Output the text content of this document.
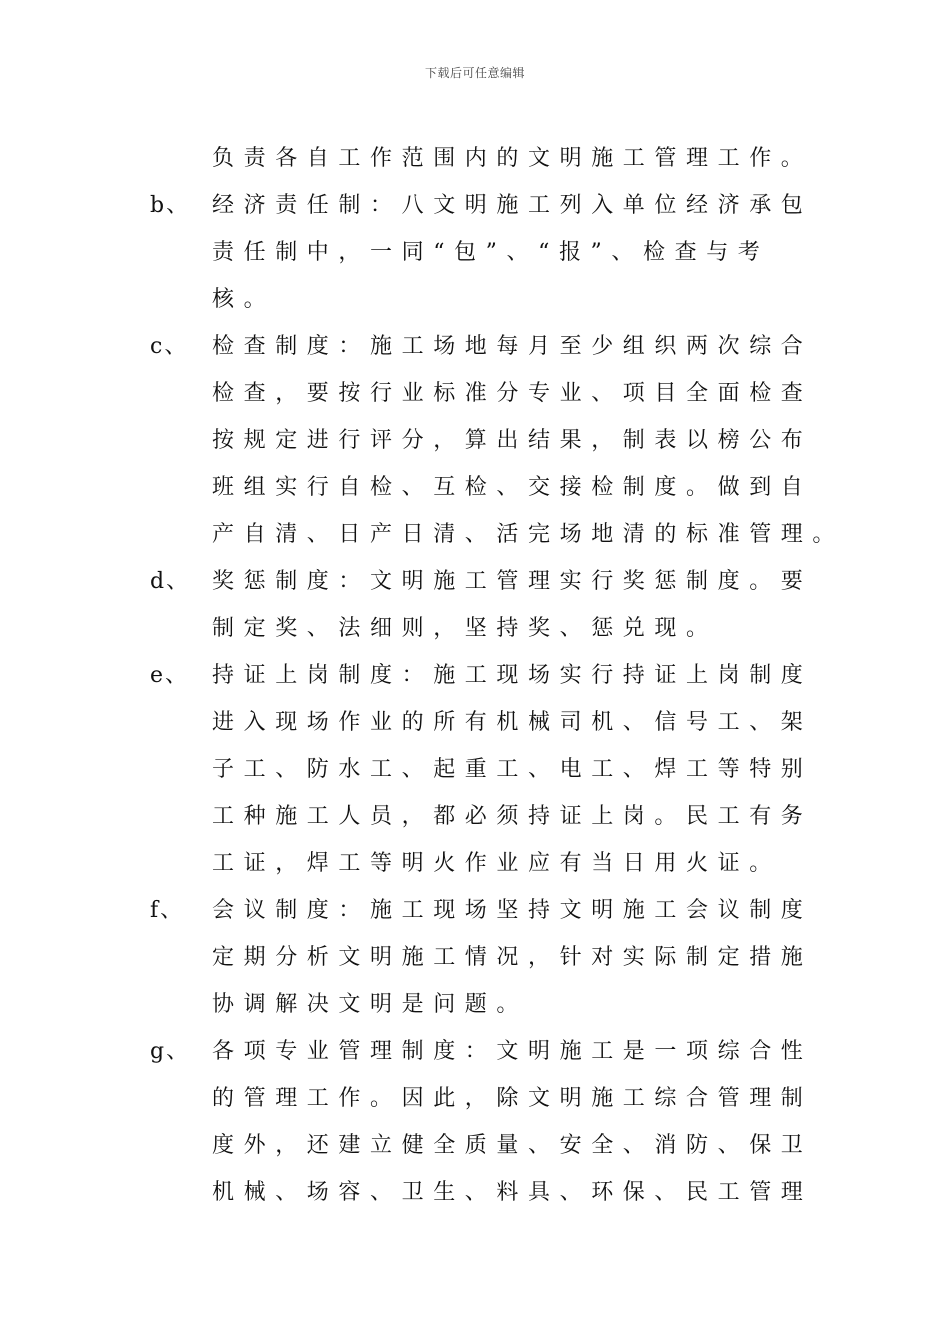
下载后可任意编辑
负责各自工作范围内的文明施工管理工作。
b、 经济责任制：八文明施工列入单位经济承包
责任制中，一同“包”、“报”、检查与考
核。
c、 检查制度：施工场地每月至少组织两次综合
检查，要按行业标准分专业、项目全面检查
按规定进行评分，算出结果，制表以榜公布
班组实行自检、互检、交接检制度。做到自
产自清、日产日清、活完场地清的标准管理。
d、 奖惩制度：文明施工管理实行奖惩制度。要
制定奖、法细则，坚持奖、惩兑现。
e、 持证上岗制度：施工现场实行持证上岗制度
进入现场作业的所有机械司机、信号工、架
子工、防水工、起重工、电工、焊工等特别
工种施工人员，都必须持证上岗。民工有务
工证，焊工等明火作业应有当日用火证。
f、 会议制度：施工现场坚持文明施工会议制度
定期分析文明施工情况，针对实际制定措施
协调解决文明是问题。
g、 各项专业管理制度：文明施工是一项综合性
的管理工作。因此，除文明施工综合管理制
度外，还建立健全质量、安全、消防、保卫
机械、场容、卫生、料具、环保、民工管理
